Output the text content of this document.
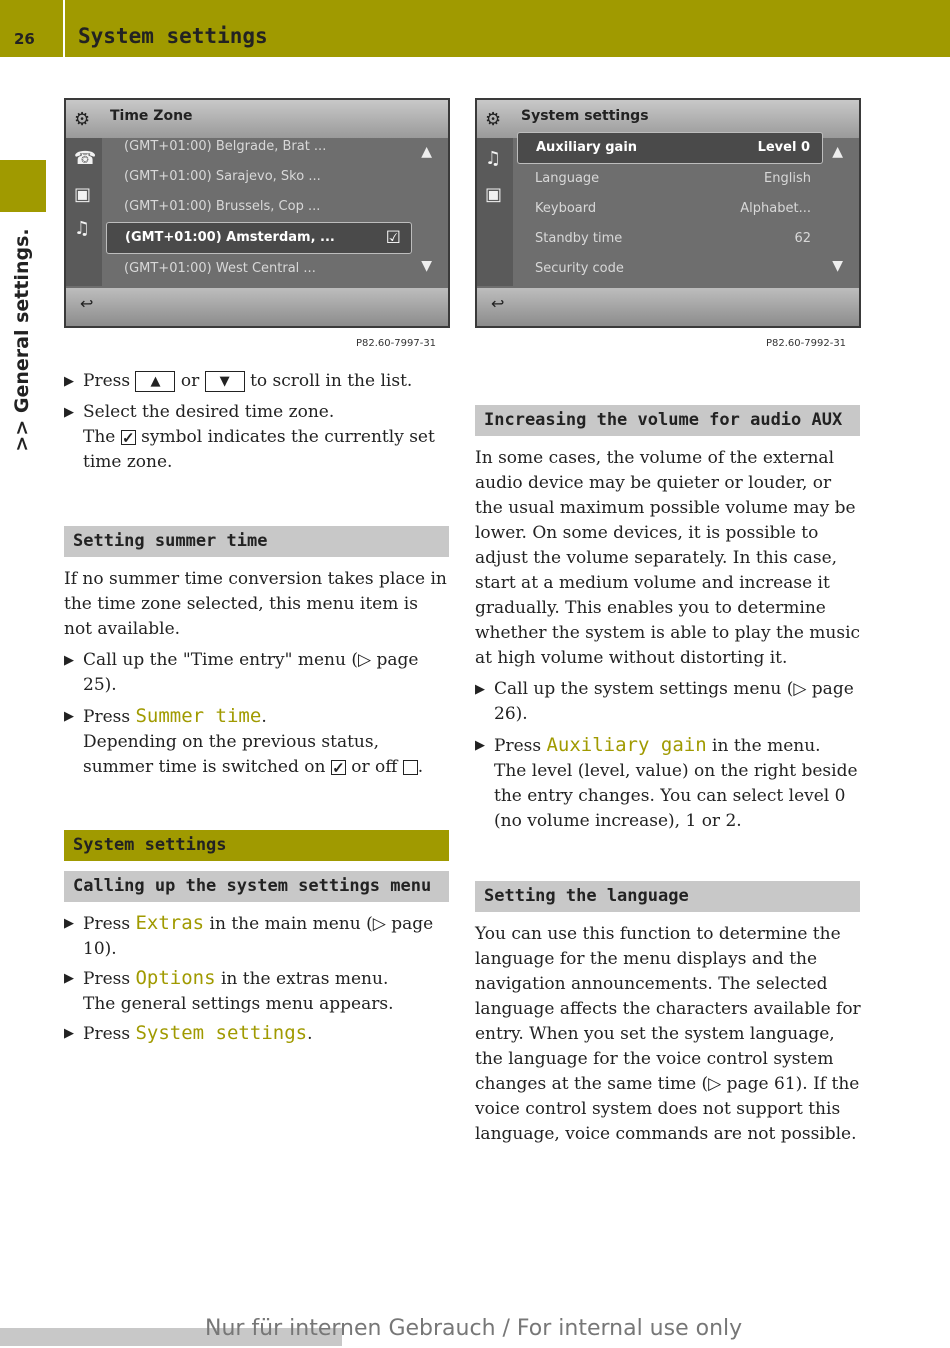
26 System settings
>> General settings.
⚙ Time Zone
☎
▣
♫
(GMT+01:00) Belgrade, Brat ...
(GMT+01:00) Sarajevo, Sko ...
(GMT+01:00) Brussels, Cop ...
(GMT+01:00) Amsterdam, ...	☑
(GMT+01:00) West Central ...
▲
▼
↩
P82.60-7997-31
⚙ System settings
♫
▣
Auxiliary gain	Level 0
Language	English
Keyboard	Alphabet...
Standby time	62
Security code
▲
▼
↩
P82.60-7992-31
▶ Press ▲ or ▼ to scroll in the list.
▶ Select the desired time zone.
The ✓ symbol indicates the currently set time zone.
Setting summer time
If no summer time conversion takes place in the time zone selected, this menu item is not available.
▶ Call up the "Time entry" menu (▷ page 25).
▶ Press Summer time.
Depending on the previous status, summer time is switched on ✓ or off .
System settings
Calling up the system settings menu
▶ Press Extras in the main menu (▷ page 10).
▶ Press Options in the extras menu.
The general settings menu appears.
▶ Press System settings.
Increasing the volume for audio AUX
In some cases, the volume of the external audio device may be quieter or louder, or the usual maximum possible volume may be lower. On some devices, it is possible to adjust the volume separately. In this case, start at a medium volume and increase it gradually. This enables you to determine whether the system is able to play the music at high volume without distorting it.
▶ Call up the system settings menu (▷ page 26).
▶ Press Auxiliary gain in the menu.
The level (level, value) on the right beside the entry changes. You can select level 0 (no volume increase), 1 or 2.
Setting the language
You can use this function to determine the language for the menu displays and the navigation announcements. The selected language affects the characters available for entry. When you set the system language, the language for the voice control system changes at the same time (▷ page 61). If the voice control system does not support this language, voice commands are not possible.
Nur für internen Gebrauch / For internal use only
